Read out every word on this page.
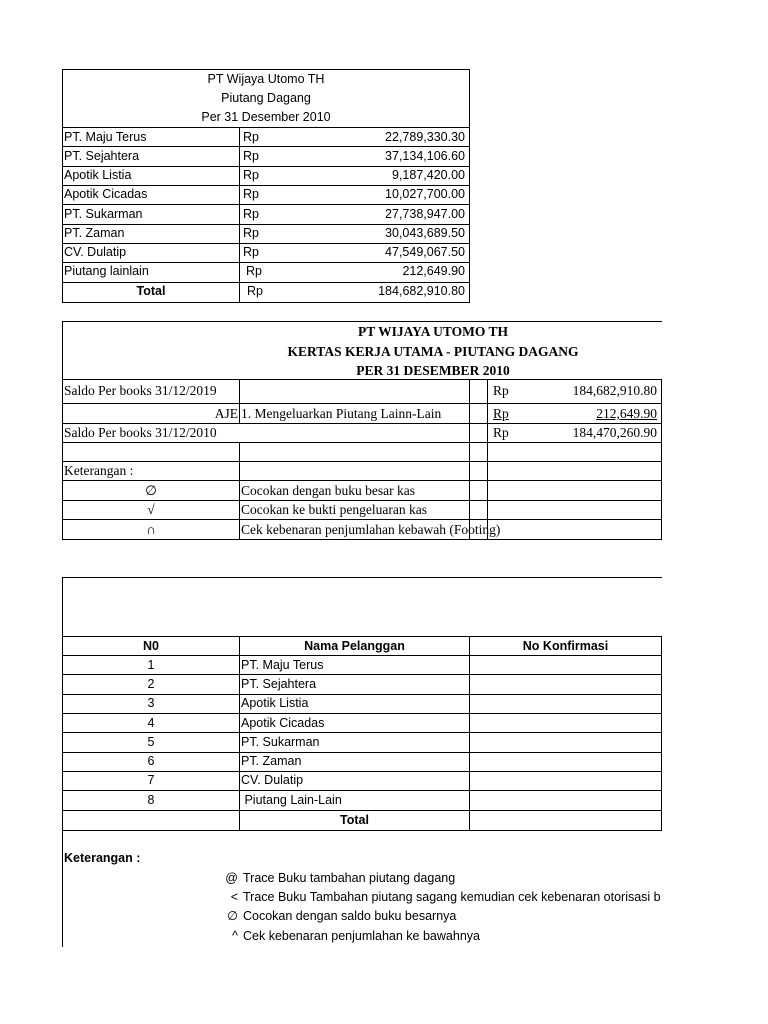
PT Wijaya Utomo TH
Piutang Dagang
Per 31 Desember 2010
PT. Maju Terus	Rp	22,789,330.30
PT. Sejahtera	Rp	37,134,106.60
Apotik Listia	Rp	9,187,420.00
Apotik Cicadas	Rp	10,027,700.00
PT. Sukarman	Rp	27,738,947.00
PT. Zaman	Rp	30,043,689.50
CV. Dulatip	Rp	47,549,067.50
Piutang lainlain	Rp	212,649.90
Total	Rp	184,682,910.80
PT WIJAYA UTOMO TH
KERTAS KERJA UTAMA - PIUTANG DAGANG
PER 31 DESEMBER 2010
Saldo Per books 31/12/2019	Rp	184,682,910.80
AJE 1. Mengeluarkan Piutang Lainn-Lain	Rp	212,649.90
Saldo Per books 31/12/2010	Rp	184,470,260.90
Keterangan :
∅	Cocokan dengan buku besar kas
√	Cocokan ke bukti pengeluaran kas
∩	Cek kebenaran penjumlahan kebawah (Footing)
N0	Nama Pelanggan	No Konfirmasi
1	PT. Maju Terus
2	PT. Sejahtera
3	Apotik Listia
4	Apotik Cicadas
5	PT. Sukarman
6	PT. Zaman
7	CV. Dulatip
8	Piutang Lain-Lain
Total
Keterangan :
@ Trace Buku tambahan piutang dagang
< Trace Buku Tambahan piutang sagang kemudian cek kebenaran otorisasi b
∅ Cocokan dengan saldo buku besarnya
^ Cek kebenaran penjumlahan ke bawahnya
